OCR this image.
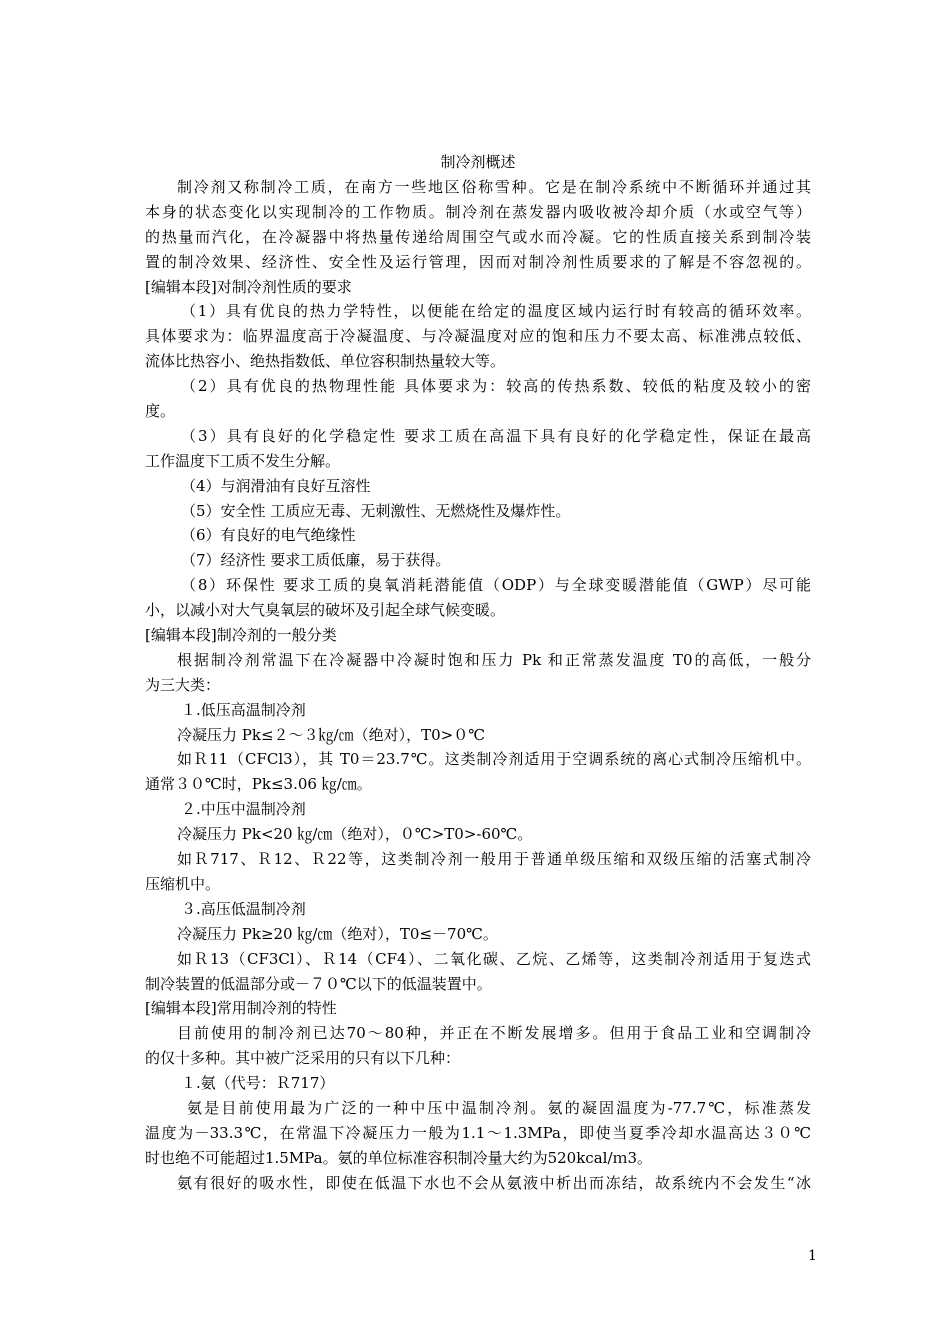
制冷剂概述
制冷剂又称制冷工质，在南方一些地区俗称雪种。它是在制冷系统中不断循环并通过其
本身的状态变化以实现制冷的工作物质。制冷剂在蒸发器内吸收被冷却介质（水或空气等）
的热量而汽化，在冷凝器中将热量传递给周围空气或水而冷凝。它的性质直接关系到制冷装
置的制冷效果、经济性、安全性及运行管理，因而对制冷剂性质要求的了解是不容忽视的。
[编辑本段]对制冷剂性质的要求
（1）具有优良的热力学特性，以便能在给定的温度区域内运行时有较高的循环效率。
具体要求为：临界温度高于冷凝温度、与冷凝温度对应的饱和压力不要太高、标准沸点较低、
流体比热容小、绝热指数低、单位容积制热量较大等。
（2）具有优良的热物理性能 具体要求为：较高的传热系数、较低的粘度及较小的密
度。
（3）具有良好的化学稳定性 要求工质在高温下具有良好的化学稳定性，保证在最高
工作温度下工质不发生分解。
（4）与润滑油有良好互溶性
（5）安全性 工质应无毒、无刺激性、无燃烧性及爆炸性。
（6）有良好的电气绝缘性
（7）经济性 要求工质低廉，易于获得。
（8）环保性 要求工质的臭氧消耗潜能值（ODP）与全球变暖潜能值（GWP）尽可能
小，以减小对大气臭氧层的破坏及引起全球气候变暖。
[编辑本段]制冷剂的一般分类
根据制冷剂常温下在冷凝器中冷凝时饱和压力 Pk 和正常蒸发温度 T0的高低，一般分
为三大类：
１.低压高温制冷剂
冷凝压力 Pk≤２～３㎏/㎝（绝对），T0>０℃
如Ｒ11（CFCl3），其 T0＝23.7℃。这类制冷剂适用于空调系统的离心式制冷压缩机中。
通常３０℃时，Pk≤3.06 ㎏/㎝。
２.中压中温制冷剂
冷凝压力 Pk<20 ㎏/㎝（绝对），０℃>T0>-60℃。
如Ｒ717、Ｒ12、Ｒ22等，这类制冷剂一般用于普通单级压缩和双级压缩的活塞式制冷
压缩机中。
３.高压低温制冷剂
冷凝压力 Pk≥20 ㎏/㎝（绝对），T0≤－70℃。
如Ｒ13（CF3Cl）、Ｒ14（CF4）、二氧化碳、乙烷、乙烯等，这类制冷剂适用于复迭式
制冷装置的低温部分或－７０℃以下的低温装置中。
[编辑本段]常用制冷剂的特性
目前使用的制冷剂已达70～80种，并正在不断发展增多。但用于食品工业和空调制冷
的仅十多种。其中被广泛采用的只有以下几种：
１.氨（代号：Ｒ717）
氨是目前使用最为广泛的一种中压中温制冷剂。氨的凝固温度为-77.7℃，标准蒸发
温度为－33.3℃，在常温下冷凝压力一般为1.1～1.3MPa，即使当夏季冷却水温高达３０℃
时也绝不可能超过1.5MPa。氨的单位标准容积制冷量大约为520kcal/ｍ3。
氨有很好的吸水性，即使在低温下水也不会从氨液中析出而冻结，故系统内不会发生“冰
1
